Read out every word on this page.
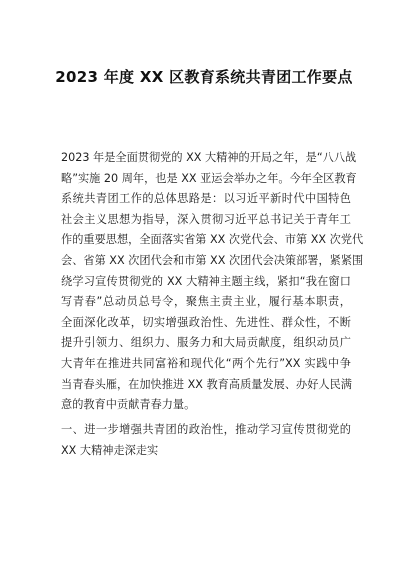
2023 年度 XX 区教育系统共青团工作要点
2023 年是全面贯彻党的 XX 大精神的开局之年，是“八八战
略”实施 20 周年，也是 XX 亚运会举办之年。今年全区教育
系统共青团工作的总体思路是：以习近平新时代中国特色
社会主义思想为指导，深入贯彻习近平总书记关于青年工
作的重要思想，全面落实省第 XX 次党代会、市第 XX 次党代
会、省第 XX 次团代会和市第 XX 次团代会决策部署，紧紧围
绕学习宣传贯彻党的 XX 大精神主题主线，紧扣“我在窗口
写青春”总动员总号令，聚焦主责主业，履行基本职责，
全面深化改革，切实增强政治性、先进性、群众性，不断
提升引领力、组织力、服务力和大局贡献度，组织动员广
大青年在推进共同富裕和现代化“两个先行”XX 实践中争
当青春头雁，在加快推进 XX 教育高质量发展、办好人民满
意的教育中贡献青春力量。
一、进一步增强共青团的政治性，推动学习宣传贯彻党的
XX 大精神走深走实
